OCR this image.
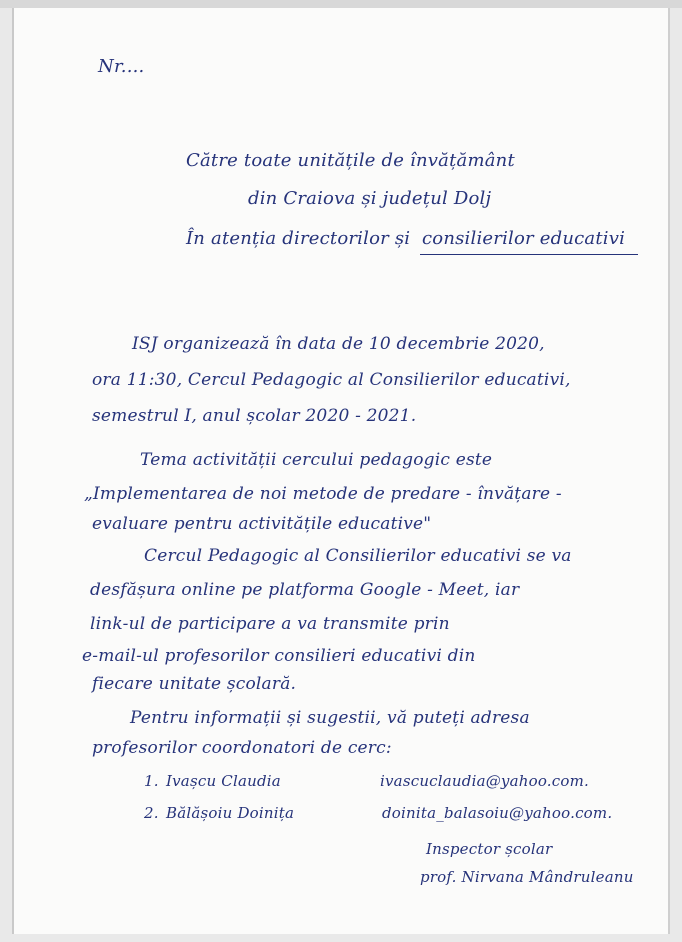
Nr....
Către toate unitățile de învățământ
din Craiova și județul Dolj
În atenția directorilor și consilierilor educativi
ISJ organizează în data de 10 decembrie 2020,
ora 11:30, Cercul Pedagogic al Consilierilor educativi,
semestrul I, anul școlar 2020 - 2021.
Tema activității cercului pedagogic este
„Implementarea de noi metode de predare - învățare -
evaluare pentru activitățile educative"
Cercul Pedagogic al Consilierilor educativi se va
desfășura online pe platforma Google - Meet, iar
link-ul de participare a va transmite prin
e-mail-ul profesorilor consilieri educativi din
fiecare unitate școlară.
Pentru informații și sugestii, vă puteți adresa
profesorilor coordonatori de cerc:
1. Ivașcu Claudia	ivascuclaudia@yahoo.com.
2. Bălășoiu Doinița	doinita_balasoiu@yahoo.com.
Inspector școlar
prof. Nirvana Mândruleanu
